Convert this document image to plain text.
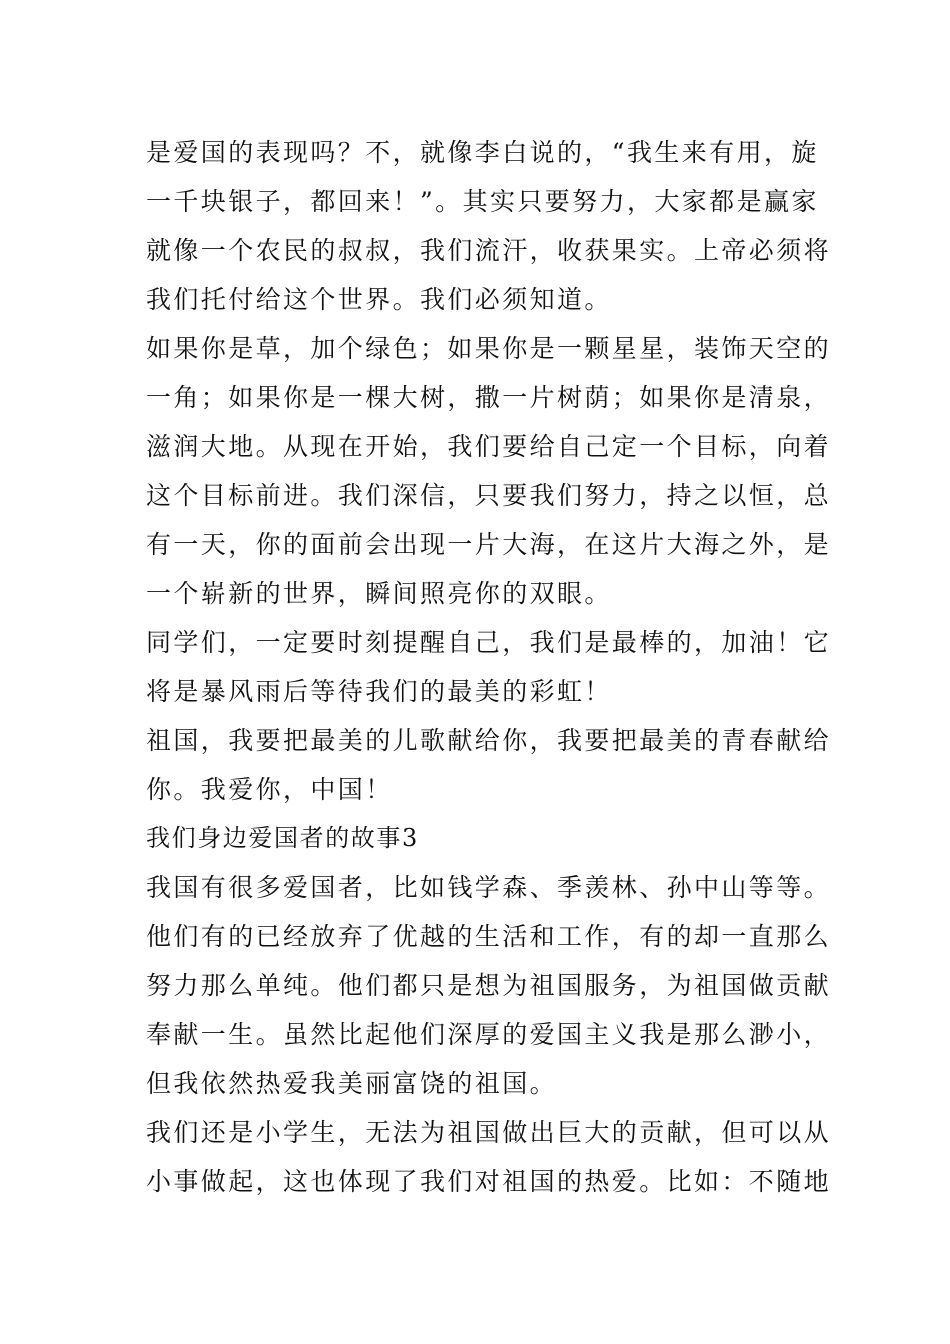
是爱国的表现吗？不，就像李白说的，“我生来有用，旋
一千块银子，都回来！”。其实只要努力，大家都是赢家
就像一个农民的叔叔，我们流汗，收获果实。上帝必须将
我们托付给这个世界。我们必须知道。
如果你是草，加个绿色；如果你是一颗星星，装饰天空的
一角；如果你是一棵大树，撒一片树荫；如果你是清泉，
滋润大地。从现在开始，我们要给自己定一个目标，向着
这个目标前进。我们深信，只要我们努力，持之以恒，总
有一天，你的面前会出现一片大海，在这片大海之外，是
一个崭新的世界，瞬间照亮你的双眼。
同学们，一定要时刻提醒自己，我们是最棒的，加油！它
将是暴风雨后等待我们的最美的彩虹！
祖国，我要把最美的儿歌献给你，我要把最美的青春献给
你。我爱你，中国！
我们身边爱国者的故事3
我国有很多爱国者，比如钱学森、季羡林、孙中山等等。
他们有的已经放弃了优越的生活和工作，有的却一直那么
努力那么单纯。他们都只是想为祖国服务，为祖国做贡献
奉献一生。虽然比起他们深厚的爱国主义我是那么渺小，
但我依然热爱我美丽富饶的祖国。
我们还是小学生，无法为祖国做出巨大的贡献，但可以从
小事做起，这也体现了我们对祖国的热爱。比如：不随地
